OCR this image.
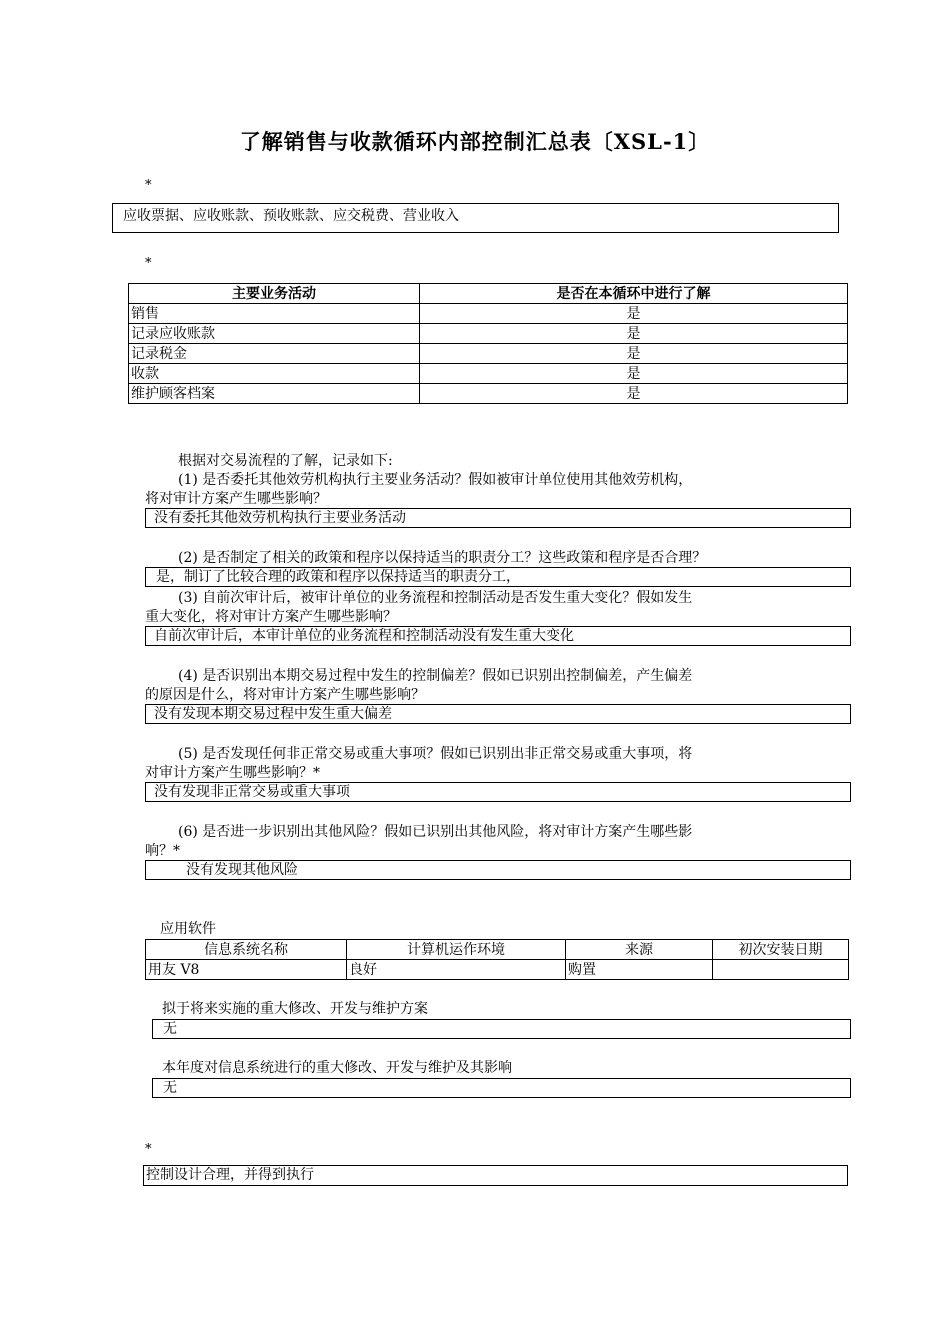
了解销售与收款循环内部控制汇总表〔XSL-1〕
*
应收票据、应收账款、预收账款、应交税费、营业收入
*
主要业务活动	是否在本循环中进行了解
销售	是
记录应收账款	是
记录税金	是
收款	是
维护顾客档案	是
根据对交易流程的了解，记录如下:
(1) 是否委托其他效劳机构执行主要业务活动？假如被审计单位使用其他效劳机构，
将对审计方案产生哪些影响？
没有委托其他效劳机构执行主要业务活动
(2) 是否制定了相关的政策和程序以保持适当的职责分工？这些政策和程序是否合理？
是，制订了比较合理的政策和程序以保持适当的职责分工，
(3) 自前次审计后，被审计单位的业务流程和控制活动是否发生重大变化？假如发生
重大变化，将对审计方案产生哪些影响？
自前次审计后，本审计单位的业务流程和控制活动没有发生重大变化
(4) 是否识别出本期交易过程中发生的控制偏差？假如已识别出控制偏差，产生偏差
的原因是什么，将对审计方案产生哪些影响？
没有发现本期交易过程中发生重大偏差
(5) 是否发现任何非正常交易或重大事项？假如已识别出非正常交易或重大事项，将
对审计方案产生哪些影响？*
没有发现非正常交易或重大事项
(6) 是否进一步识别出其他风险？假如已识别出其他风险，将对审计方案产生哪些影
响？*
没有发现其他风险
应用软件
信息系统名称	计算机运作环境	来源	初次安装日期
用友 V8	良好	购置	
拟于将来实施的重大修改、开发与维护方案
无
本年度对信息系统进行的重大修改、开发与维护及其影响
无
*
控制设计合理，并得到执行
